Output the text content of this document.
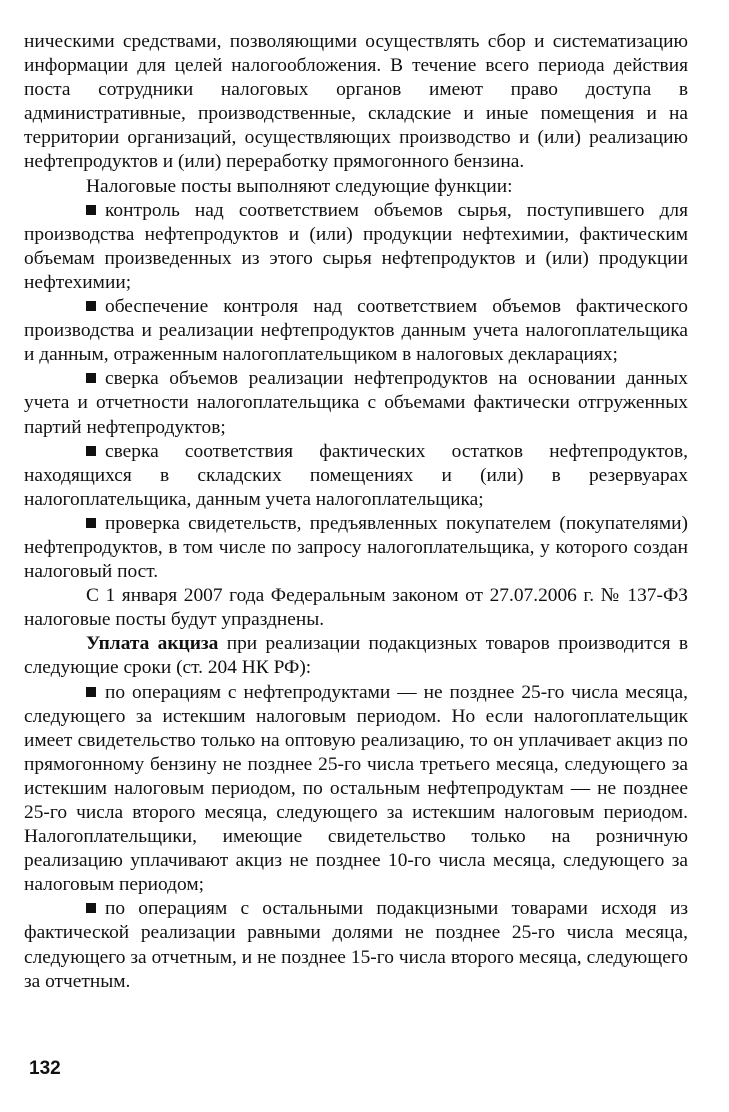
ническими средствами, позволяющими осуществлять сбор и систематизацию информации для целей налогообложения. В течение всего периода действия поста сотрудники налоговых органов имеют право доступа в административные, производственные, складские и иные помещения и на территории организаций, осуществляющих производство и (или) реализацию нефтепродуктов и (или) переработку прямогонного бензина.

Налоговые посты выполняют следующие функции:

контроль над соответствием объемов сырья, поступившего для производства нефтепродуктов и (или) продукции нефтехимии, фактическим объемам произведенных из этого сырья нефтепродуктов и (или) продукции нефтехимии;

обеспечение контроля над соответствием объемов фактического производства и реализации нефтепродуктов данным учета налогоплательщика и данным, отраженным налогоплательщиком в налоговых декларациях;

сверка объемов реализации нефтепродуктов на основании данных учета и отчетности налогоплательщика с объемами фактически отгруженных партий нефтепродуктов;

сверка соответствия фактических остатков нефтепродуктов, находящихся в складских помещениях и (или) в резервуарах налогоплательщика, данным учета налогоплательщика;

проверка свидетельств, предъявленных покупателем (покупателями) нефтепродуктов, в том числе по запросу налогоплательщика, у которого создан налоговый пост.

С 1 января 2007 года Федеральным законом от 27.07.2006 г. № 137-ФЗ налоговые посты будут упразднены.

Уплата акциза при реализации подакцизных товаров производится в следующие сроки (ст. 204 НК РФ):

по операциям с нефтепродуктами — не позднее 25-го числа месяца, следующего за истекшим налоговым периодом. Но если налогоплательщик имеет свидетельство только на оптовую реализацию, то он уплачивает акциз по прямогонному бензину не позднее 25-го числа третьего месяца, следующего за истекшим налоговым периодом, по остальным нефтепродуктам — не позднее 25-го числа второго месяца, следующего за истекшим налоговым периодом. Налогоплательщики, имеющие свидетельство только на розничную реализацию уплачивают акциз не позднее 10-го числа месяца, следующего за налоговым периодом;

по операциям с остальными подакцизными товарами исходя из фактической реализации равными долями не позднее 25-го числа месяца, следующего за отчетным, и не позднее 15-го числа второго месяца, следующего за отчетным.

132
